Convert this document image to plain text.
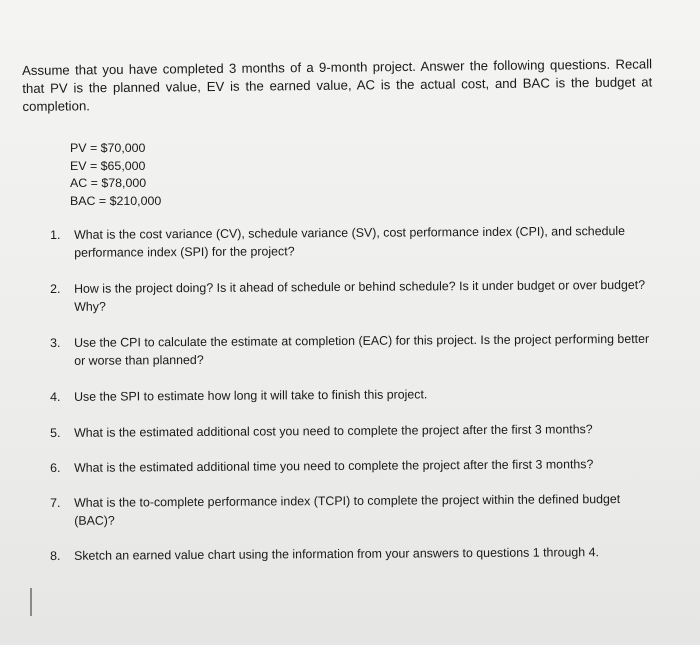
Assume that you have completed 3 months of a 9-month project. Answer the following questions. Recall that PV is the planned value, EV is the earned value, AC is the actual cost, and BAC is the budget at completion.
PV = $70,000
EV = $65,000
AC = $78,000
BAC = $210,000
1.	What is the cost variance (CV), schedule variance (SV), cost performance index (CPI), and schedule performance index (SPI) for the project?
2.	How is the project doing? Is it ahead of schedule or behind schedule? Is it under budget or over budget? Why?
3.	Use the CPI to calculate the estimate at completion (EAC) for this project. Is the project performing better or worse than planned?
4.	Use the SPI to estimate how long it will take to finish this project.
5.	What is the estimated additional cost you need to complete the project after the first 3 months?
6.	What is the estimated additional time you need to complete the project after the first 3 months?
7.	What is the to-complete performance index (TCPI) to complete the project within the defined budget (BAC)?
8.	Sketch an earned value chart using the information from your answers to questions 1 through 4.
